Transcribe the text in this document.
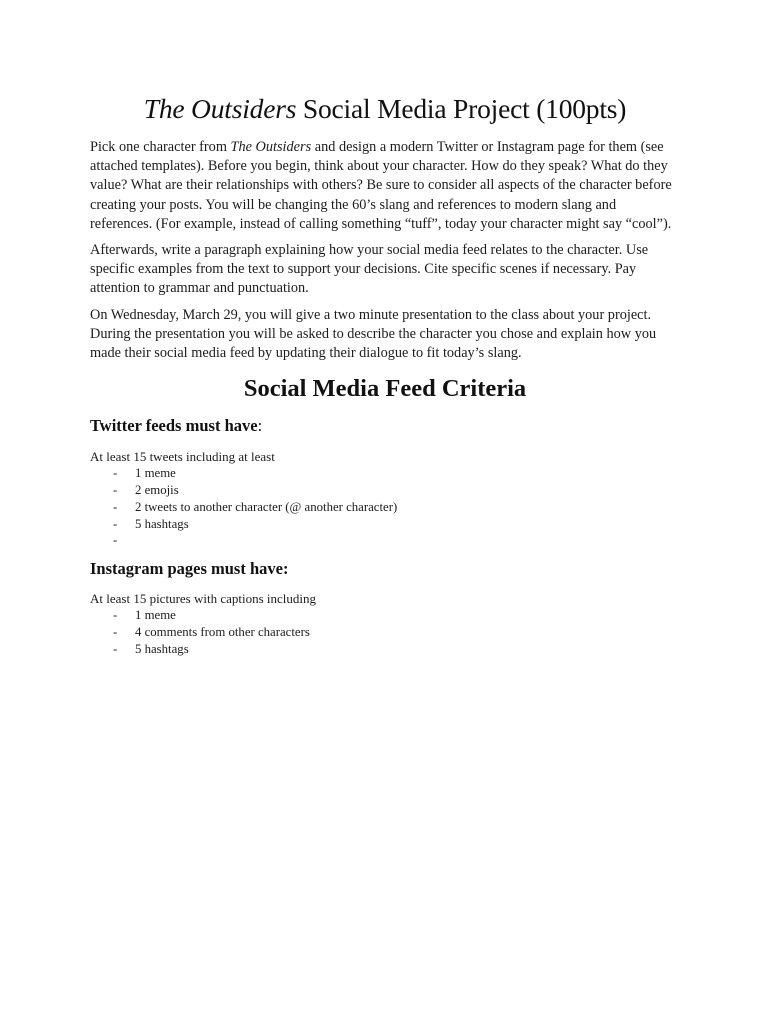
The Outsiders Social Media Project (100pts)

Pick one character from The Outsiders and design a modern Twitter or Instagram page for them (see attached templates). Before you begin, think about your character. How do they speak? What do they value? What are their relationships with others? Be sure to consider all aspects of the character before creating your posts. You will be changing the 60’s slang and references to modern slang and references. (For example, instead of calling something “tuff”, today your character might say “cool”).

Afterwards, write a paragraph explaining how your social media feed relates to the character. Use specific examples from the text to support your decisions. Cite specific scenes if necessary. Pay attention to grammar and punctuation.

On Wednesday, March 29, you will give a two minute presentation to the class about your project. During the presentation you will be asked to describe the character you chose and explain how you made their social media feed by updating their dialogue to fit today’s slang.

Social Media Feed Criteria
Twitter feeds must have:

At least 15 tweets including at least

- 1 meme
- 2 emojis
- 2 tweets to another character (@ another character)
- 5 hashtags
-
Instagram pages must have:

At least 15 pictures with captions including

- 1 meme
- 4 comments from other characters
- 5 hashtags
